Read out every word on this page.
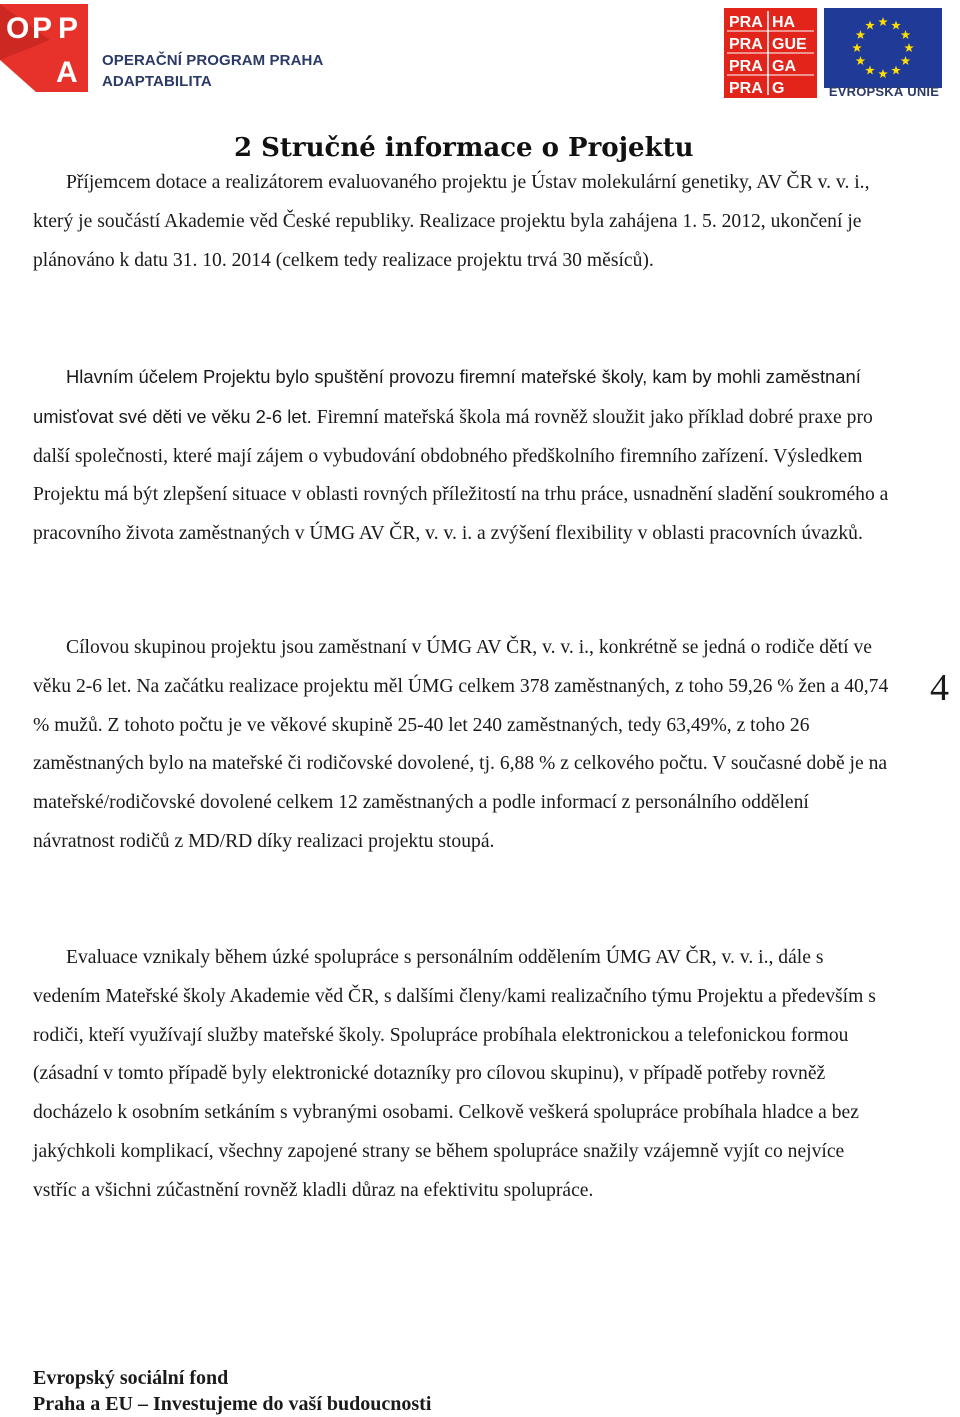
O P P
A OPERAČNÍ PROGRAM PRAHA
ADAPTABILITA
PRA HA
PRA GUE
PRA GA
PRA G	EVROPSKÁ UNIE
2 Stručné informace o Projektu

Příjemcem dotace a realizátorem evaluovaného projektu je Ústav molekulární genetiky, AV ČR v. v. i., který je součástí Akademie věd České republiky. Realizace projektu byla zahájena 1. 5. 2012, ukončení je plánováno k datu 31. 10. 2014 (celkem tedy realizace projektu trvá 30 měsíců).

Hlavním účelem Projektu bylo spuštění provozu firemní mateřské školy, kam by mohli zaměstnaní umisťovat své děti ve věku 2-6 let. Firemní mateřská škola má rovněž sloužit jako příklad dobré praxe pro další společnosti, které mají zájem o vybudování obdobného předškolního firemního zařízení. Výsledkem Projektu má být zlepšení situace v oblasti rovných příležitostí na trhu práce, usnadnění sladění soukromého a pracovního života zaměstnaných v ÚMG AV ČR, v. v. i. a zvýšení flexibility v oblasti pracovních úvazků.

Cílovou skupinou projektu jsou zaměstnaní v ÚMG AV ČR, v. v. i., konkrétně se jedná o rodiče dětí ve věku 2-6 let. Na začátku realizace projektu měl ÚMG celkem 378 zaměstnaných, z toho 59,26 % žen a 40,74 % mužů. Z tohoto počtu je ve věkové skupině 25-40 let 240 zaměstnaných, tedy 63,49%, z toho 26 zaměstnaných bylo na mateřské či rodičovské dovolené, tj. 6,88 % z celkového počtu. V současné době je na mateřské/rodičovské dovolené celkem 12 zaměstnaných a podle informací z personálního oddělení návratnost rodičů z MD/RD díky realizaci projektu stoupá.

Evaluace vznikaly během úzké spolupráce s personálním oddělením ÚMG AV ČR, v. v. i., dále s vedením Mateřské školy Akademie věd ČR, s dalšími členy/kami realizačního týmu Projektu a především s rodiči, kteří využívají služby mateřské školy. Spolupráce probíhala elektronickou a telefonickou formou (zásadní v tomto případě byly elektronické dotazníky pro cílovou skupinu), v případě potřeby rovněž docházelo k osobním setkáním s vybranými osobami. Celkově veškerá spolupráce probíhala hladce a bez jakýchkoli komplikací, všechny zapojené strany se během spolupráce snažily vzájemně vyjít co nejvíce vstříc a všichni zúčastnění rovněž kladli důraz na efektivitu spolupráce.

4
Evropský sociální fond
Praha a EU – Investujeme do vaší budoucnosti
